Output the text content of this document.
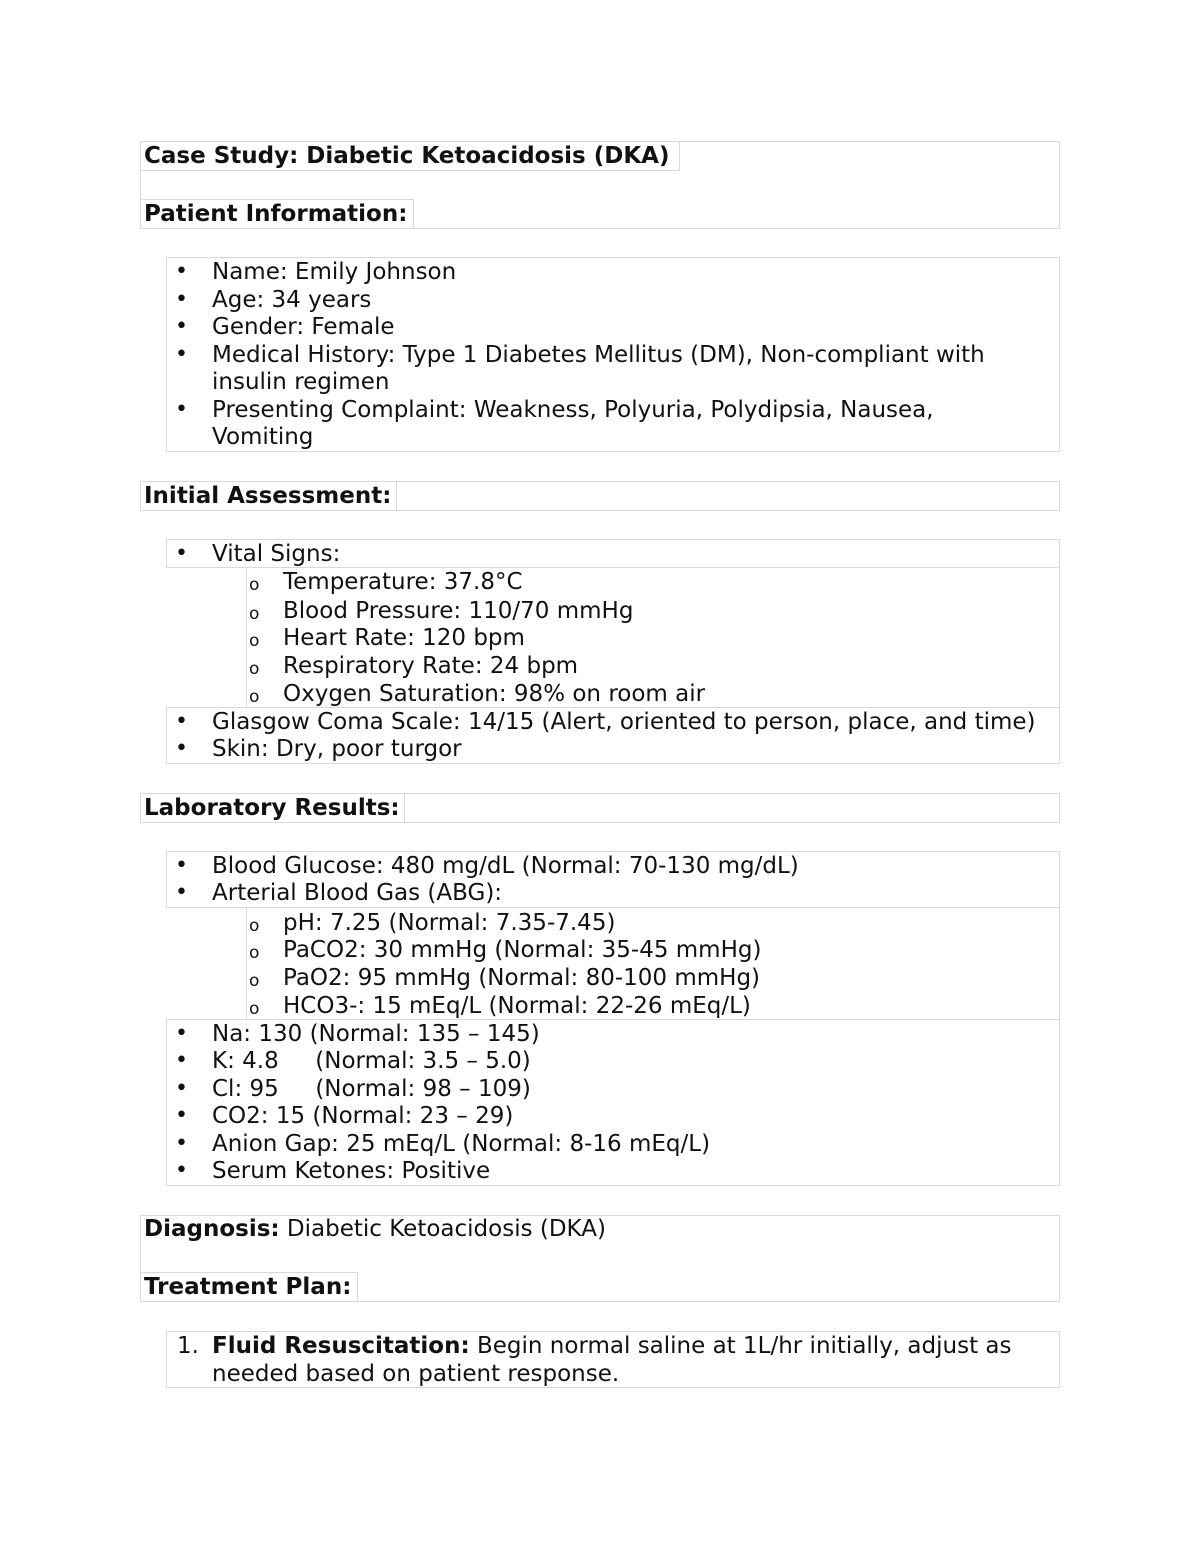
Case Study: Diabetic Ketoacidosis (DKA)
Patient Information:
• Name: Emily Johnson
• Age: 34 years
• Gender: Female
• Medical History: Type 1 Diabetes Mellitus (DM), Non-compliant with
insulin regimen
• Presenting Complaint: Weakness, Polyuria, Polydipsia, Nausea,
Vomiting
Initial Assessment:
• Vital Signs:
o Temperature: 37.8°C
o Blood Pressure: 110/70 mmHg
o Heart Rate: 120 bpm
o Respiratory Rate: 24 bpm
o Oxygen Saturation: 98% on room air
• Glasgow Coma Scale: 14/15 (Alert, oriented to person, place, and time)
• Skin: Dry, poor turgor
Laboratory Results:
• Blood Glucose: 480 mg/dL (Normal: 70-130 mg/dL)
• Arterial Blood Gas (ABG):
o pH: 7.25 (Normal: 7.35-7.45)
o PaCO2: 30 mmHg (Normal: 35-45 mmHg)
o PaO2: 95 mmHg (Normal: 80-100 mmHg)
o HCO3-: 15 mEq/L (Normal: 22-26 mEq/L)
• Na: 130 (Normal: 135 – 145)
• K: 4.8     (Normal: 3.5 – 5.0)
• Cl: 95     (Normal: 98 – 109)
• CO2: 15 (Normal: 23 – 29)
• Anion Gap: 25 mEq/L (Normal: 8-16 mEq/L)
• Serum Ketones: Positive
Diagnosis: Diabetic Ketoacidosis (DKA)
Treatment Plan:
1. Fluid Resuscitation: Begin normal saline at 1L/hr initially, adjust as
needed based on patient response.
